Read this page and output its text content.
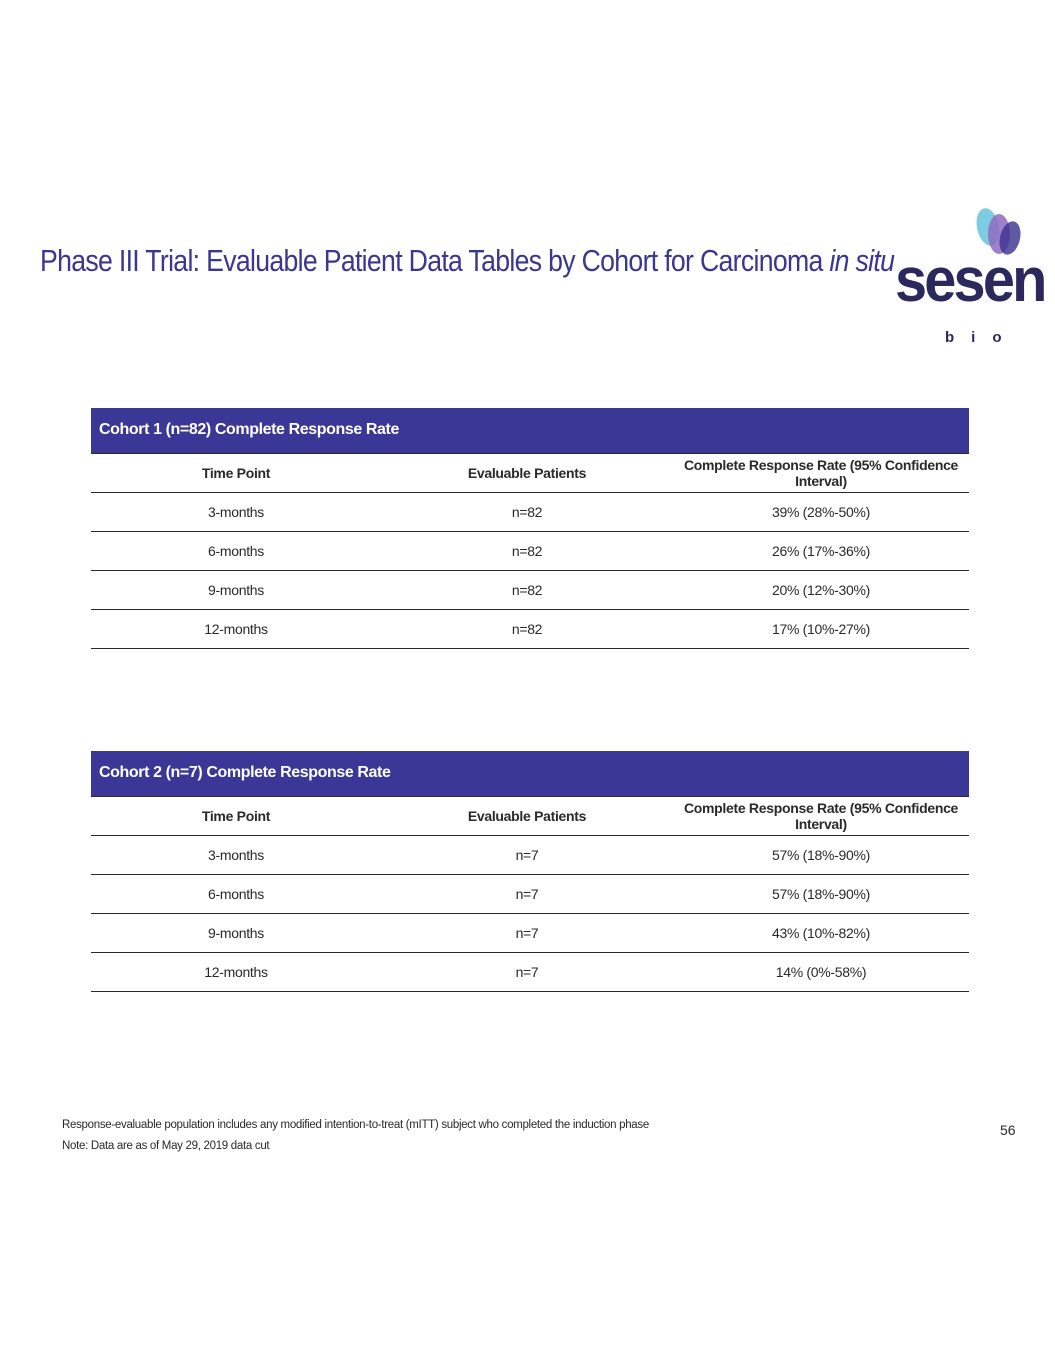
Phase III Trial: Evaluable Patient Data Tables by Cohort for Carcinoma in situ sesen
bio
Cohort 1 (n=82) Complete Response Rate		
Time Point	Evaluable Patients	Complete Response Rate (95% Confidence Interval)
3-months	n=82	39% (28%-50%)
6-months	n=82	26% (17%-36%)
9-months	n=82	20% (12%-30%)
12-months	n=82	17% (10%-27%)
Cohort 2 (n=7) Complete Response Rate		
Time Point	Evaluable Patients	Complete Response Rate (95% Confidence Interval)
3-months	n=7	57% (18%-90%)
6-months	n=7	57% (18%-90%)
9-months	n=7	43% (10%-82%)
12-months	n=7	14% (0%-58%)
Response-evaluable population includes any modified intention-to-treat (mITT) subject who completed the induction phase
Note: Data are as of May 29, 2019 data cut
56
